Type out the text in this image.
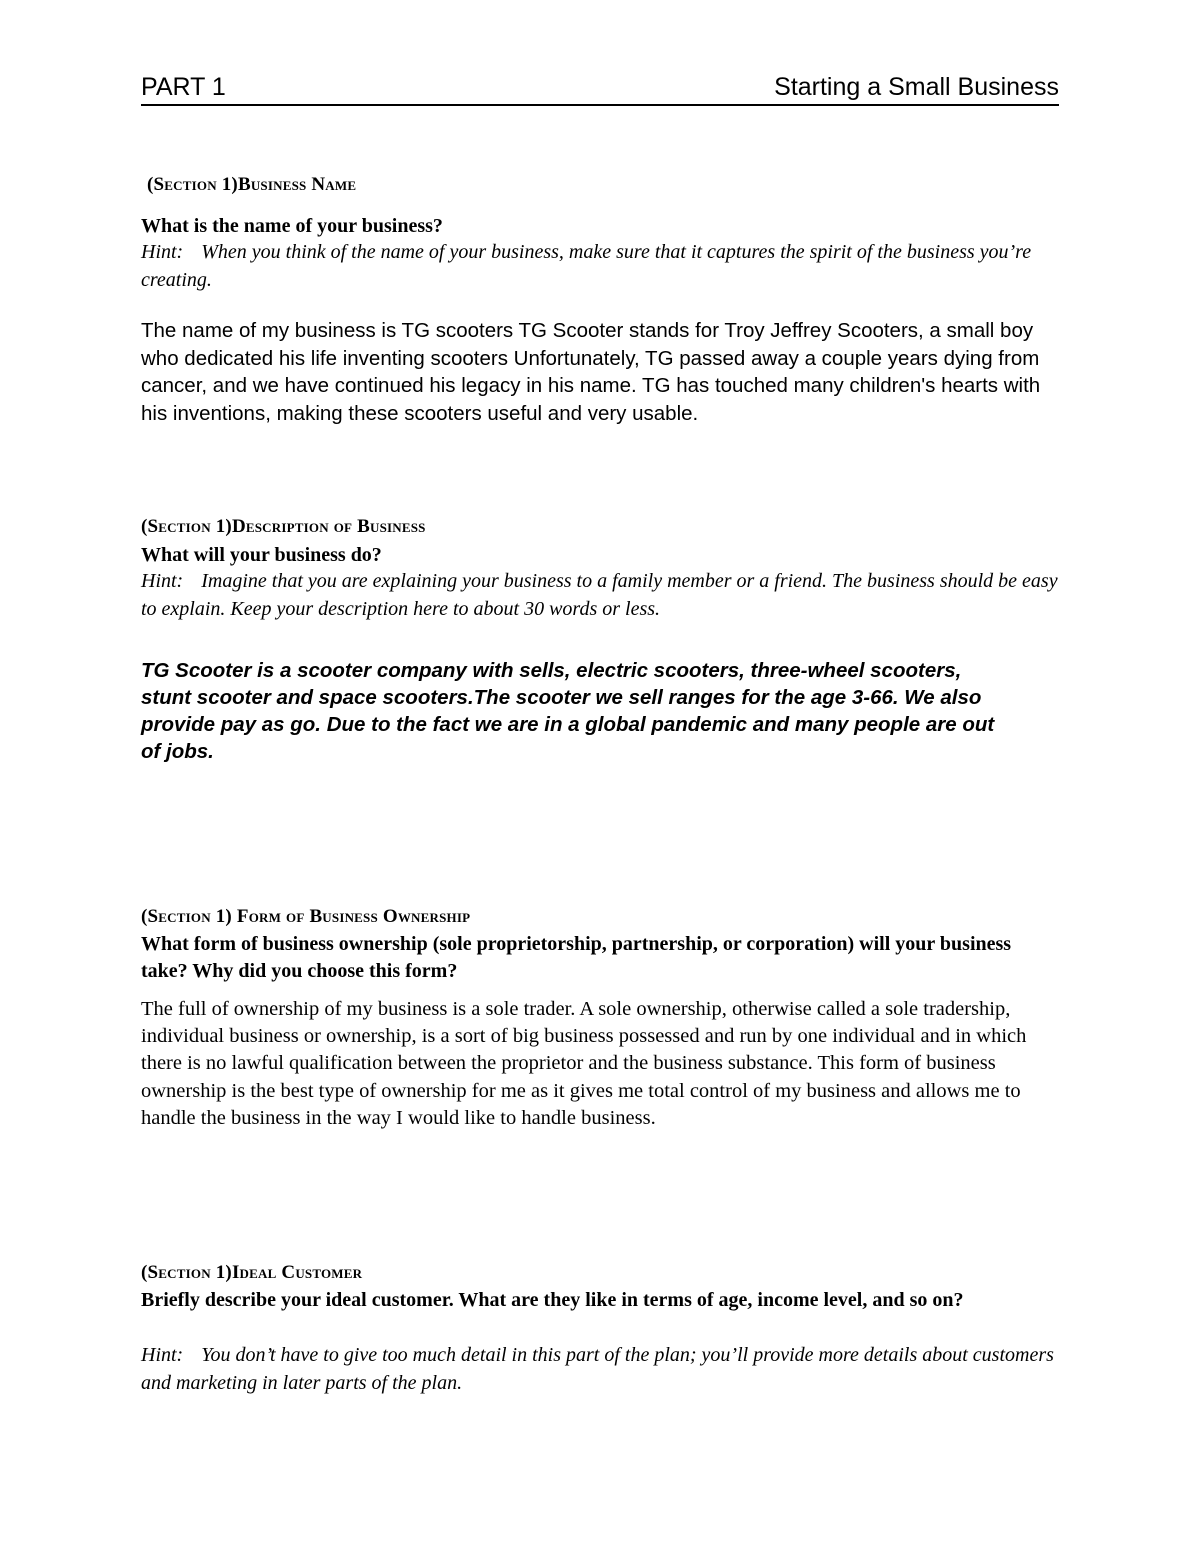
PART 1	Starting a Small Business
(Section 1)Business Name
What is the name of your business?
Hint: When you think of the name of your business, make sure that it captures the spirit of the business you’re creating.
The name of my business is TG scooters TG Scooter stands for Troy Jeffrey Scooters, a small boy who dedicated his life inventing scooters Unfortunately, TG passed away a couple years dying from cancer, and we have continued his legacy in his name. TG has touched many children's hearts with his inventions, making these scooters useful and very usable.
(Section 1)Description of Business
What will your business do?
Hint: Imagine that you are explaining your business to a family member or a friend. The business should be easy to explain. Keep your description here to about 30 words or less.
TG Scooter is a scooter company with sells, electric scooters, three-wheel scooters, stunt scooter and space scooters.The scooter we sell ranges for the age 3-66. We also provide pay as go. Due to the fact we are in a global pandemic and many people are out of jobs.
(Section 1) Form of Business Ownership
What form of business ownership (sole proprietorship, partnership, or corporation) will your business take? Why did you choose this form?
The full of ownership of my business is a sole trader. A sole ownership, otherwise called a sole tradership, individual business or ownership, is a sort of big business possessed and run by one individual and in which there is no lawful qualification between the proprietor and the business substance. This form of business ownership is the best type of ownership for me as it gives me total control of my business and allows me to handle the business in the way I would like to handle business.
(Section 1)Ideal Customer
Briefly describe your ideal customer. What are they like in terms of age, income level, and so on?
Hint: You don’t have to give too much detail in this part of the plan; you’ll provide more details about customers and marketing in later parts of the plan.
